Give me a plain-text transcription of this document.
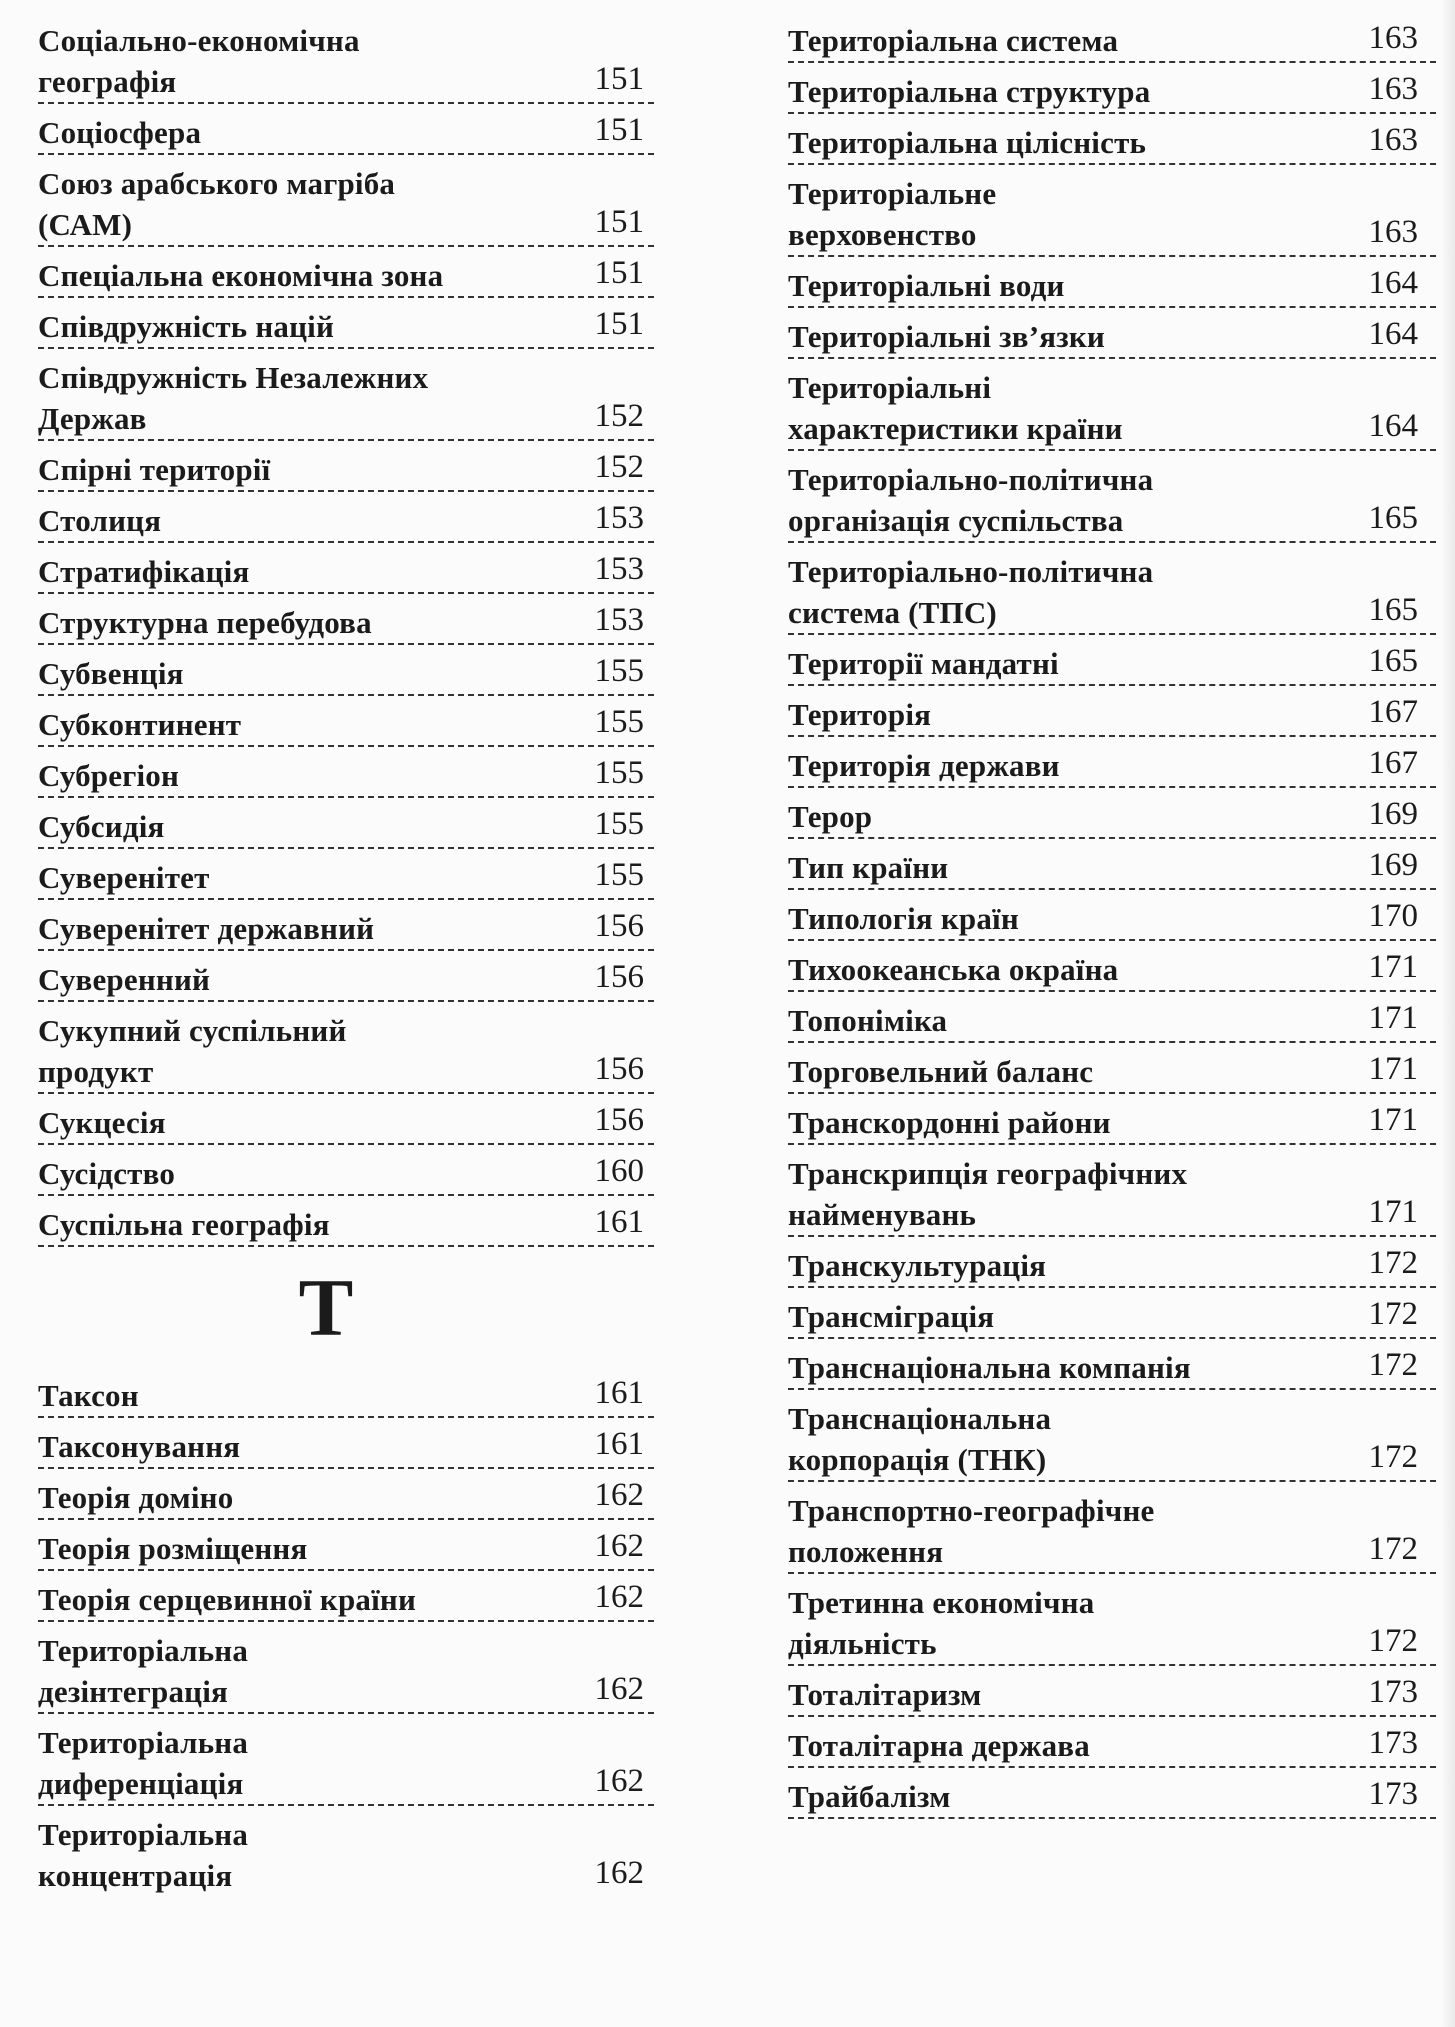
Соціально-економічна
географія	151
Соціосфера	151
Союз арабського магріба
(САМ)	151
Спеціальна економічна зона	151
Співдружність націй	151
Співдружність Незалежних
Держав	152
Спірні території	152
Столиця	153
Стратифікація	153
Структурна перебудова	153
Субвенція	155
Субконтинент	155
Субрегіон	155
Субсидія	155
Суверенітет	155
Суверенітет державний	156
Суверенний	156
Сукупний суспільний
продукт	156
Сукцесія	156
Сусідство	160
Суспільна географія	161
Т
Таксон	161
Таксонування	161
Теорія доміно	162
Теорія розміщення	162
Теорія серцевинної країни	162
Територіальна
дезінтеграція	162
Територіальна
диференціація	162
Територіальна
концентрація	162
Територіальна система	163
Територіальна структура	163
Територіальна цілісність	163
Територіальне
верховенство	163
Територіальні води	164
Територіальні зв’язки	164
Територіальні
характеристики країни	164
Територіально-політична
організація суспільства	165
Територіально-політична
система (ТПС)	165
Території мандатні	165
Територія	167
Територія держави	167
Терор	169
Тип країни	169
Типологія країн	170
Тихоокеанська окраїна	171
Топоніміка	171
Торговельний баланс	171
Транскордонні райони	171
Транскрипція географічних
найменувань	171
Транскультурація	172
Трансміграція	172
Транснаціональна компанія	172
Транснаціональна
корпорація (ТНК)	172
Транспортно-географічне
положення	172
Третинна економічна
діяльність	172
Тоталітаризм	173
Тоталітарна держава	173
Трайбалізм	173
